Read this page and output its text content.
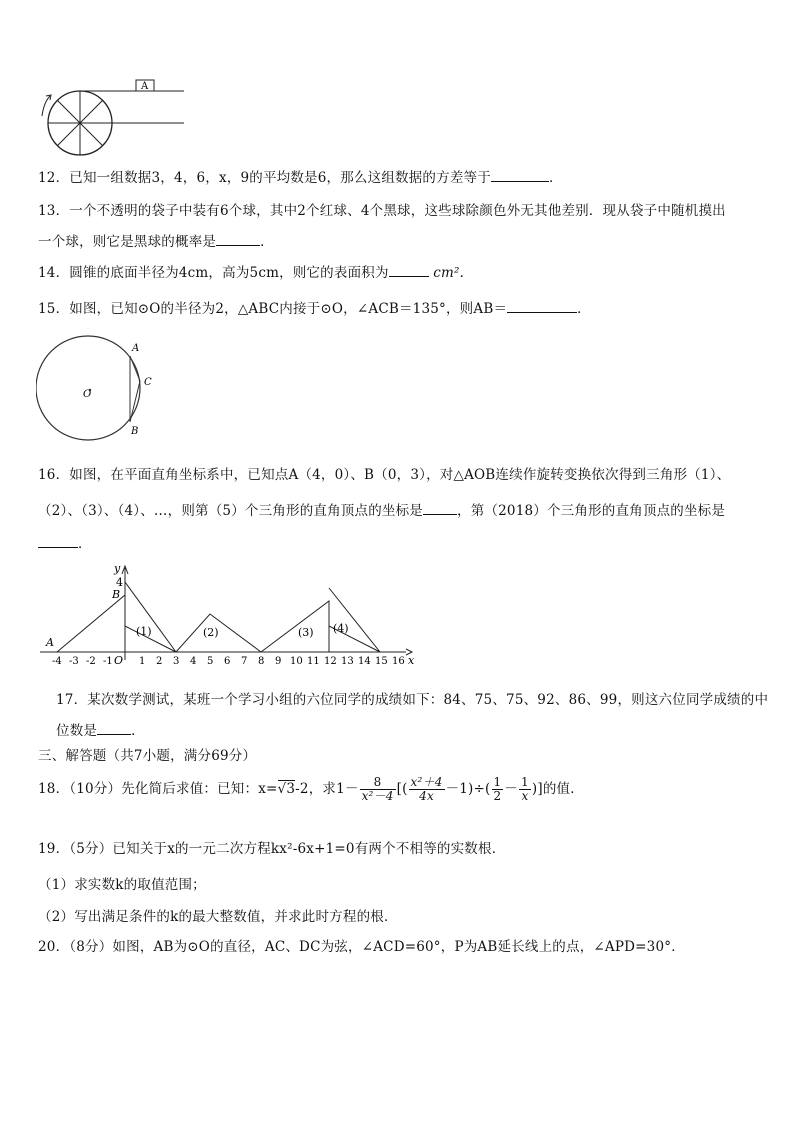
A
12．已知一组数据3，4，6，x，9的平均数是6，那么这组数据的方差等于	．
13．一个不透明的袋子中装有6个球，其中2个红球、4个黑球，这些球除颜色外无其他差别．现从袋子中随机摸出
一个球，则它是黑球的概率是	．
14．圆锥的底面半径为4cm，高为5cm，则它的表面积为	cm²．
15．如图，已知⊙O的半径为2，△ABC内接于⊙O，∠ACB＝135°，则AB＝	．
A
C
B
O
16．如图，在平面直角坐标系中，已知点A（4，0）、B（0，3），对△AOB连续作旋转变换依次得到三角形（1）、
（2）、（3）、（4）、…，则第（5）个三角形的直角顶点的坐标是	，第（2018）个三角形的直角顶点的坐标是
．
y
x
4
B
A
O
-4 -3 -2 -1	1 2 3 4 5 6 7 8 9 10 11 12 13 14 15 16
(1)	(2)	(3) (4)
17．某次数学测试，某班一个学习小组的六位同学的成绩如下：84、75、75、92、86、99，则这六位同学成绩的中
位数是	．
三、解答题（共7小题，满分69分）
18．（10分）先化简后求值：已知：x=√3-2，求$1- \frac{8}{\text{x²－4}}$ [( $\frac{\text{x²＋4}}{4x} -1)\div( \frac{1}{2} - \frac{1}{x}$ )]的值．
19．（5分）已知关于x的一元二次方程kx²-6x+1=0有两个不相等的实数根．
（1）求实数k的取值范围；
（2）写出满足条件的k的最大整数值，并求此时方程的根．
20．（8分）如图，AB为⊙O的直径，AC、DC为弦，∠ACD=60°，P为AB延长线上的点，∠APD=30°．
